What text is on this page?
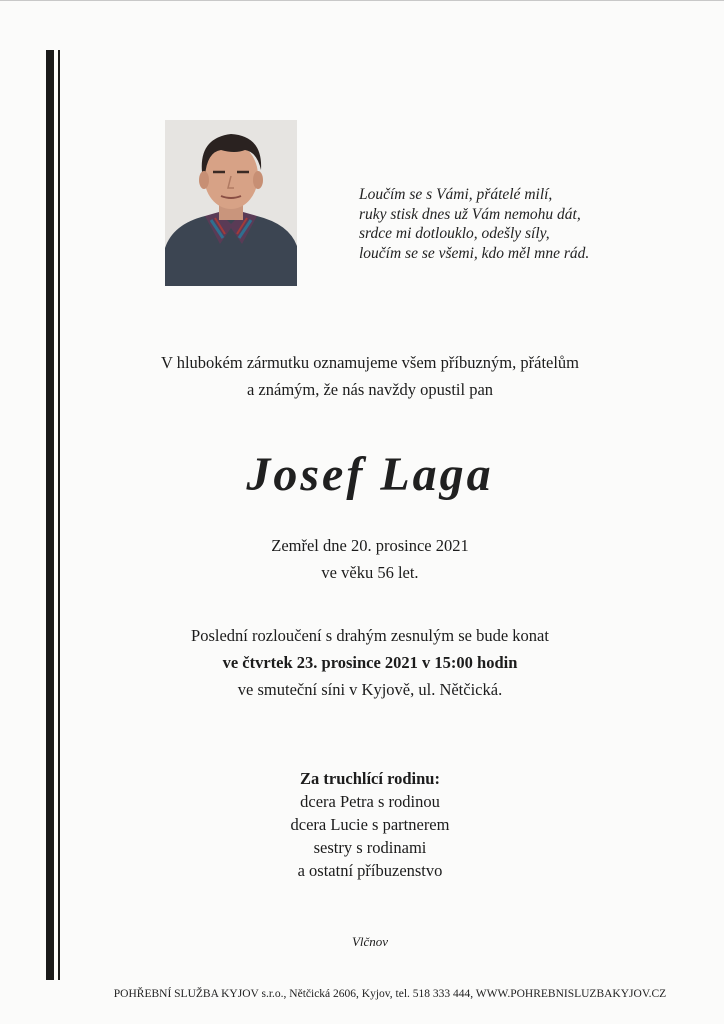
Loučím se s Vámi, přátelé milí,
ruky stisk dnes už Vám nemohu dát,
srdce mi dotlouklo, odešly síly,
loučím se se všemi, kdo měl mne rád.
V hlubokém zármutku oznamujeme všem příbuzným, přátelům
a známým, že nás navždy opustil pan
Josef Laga
Zemřel dne 20. prosince 2021
ve věku 56 let.
Poslední rozloučení s drahým zesnulým se bude konat
ve čtvrtek 23. prosince 2021 v 15:00 hodin
ve smuteční síni v Kyjově, ul. Nětčická.
Za truchlící rodinu:
dcera Petra s rodinou
dcera Lucie s partnerem
sestry s rodinami
a ostatní příbuzenstvo
Vlčnov
POHŘEBNÍ SLUŽBA KYJOV s.r.o., Nětčická 2606, Kyjov, tel. 518 333 444, WWW.POHREBNISLUZBAKYJOV.CZ
